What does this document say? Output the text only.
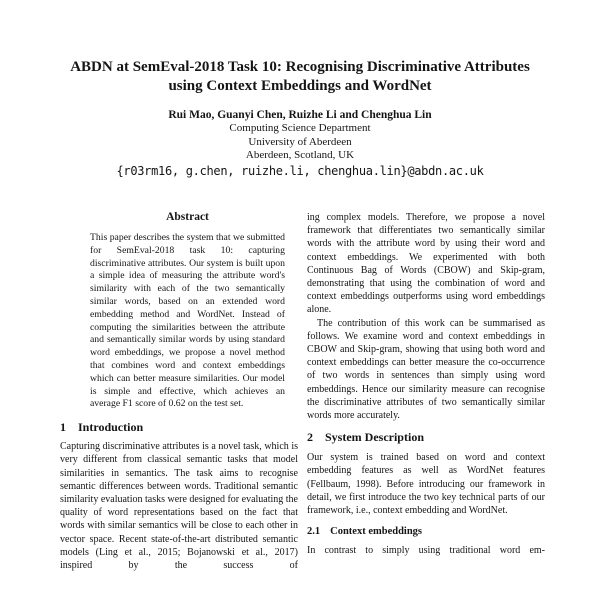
ABDN at SemEval-2018 Task 10: Recognising Discriminative Attributes
using Context Embeddings and WordNet
Rui Mao, Guanyi Chen, Ruizhe Li and Chenghua Lin
Computing Science Department
University of Aberdeen
Aberdeen, Scotland, UK
{r03rm16, g.chen, ruizhe.li, chenghua.lin}@abdn.ac.uk
Abstract

This paper describes the system that we submitted for SemEval-2018 task 10: capturing discriminative attributes. Our system is built upon a simple idea of measuring the attribute word's similarity with each of the two semantically similar words, based on an extended word embedding method and WordNet. Instead of computing the similarities between the attribute and semantically similar words by using standard word embeddings, we propose a novel method that combines word and context embeddings which can better measure similarities. Our model is simple and effective, which achieves an average F1 score of 0.62 on the test set.

1 Introduction

Capturing discriminative attributes is a novel task, which is very different from classical semantic tasks that model similarities in semantics. The task aims to recognise semantic differences between words. Traditional semantic similarity evaluation tasks were designed for evaluating the quality of word representations based on the fact that words with similar semantics will be close to each other in vector space. Recent state-of-the-art distributed semantic models (Ling et al., 2015; Bojanowski et al., 2017) inspired by the success of

ing complex models. Therefore, we propose a novel framework that differentiates two semantically similar words with the attribute word by using their word and context embeddings. We experimented with both Continuous Bag of Words (CBOW) and Skip-gram, demonstrating that using the combination of word and context embeddings outperforms using word embeddings alone.

The contribution of this work can be summarised as follows. We examine word and context embeddings in CBOW and Skip-gram, showing that using both word and context embeddings can better measure the co-occurrence of two words in sentences than simply using word embeddings. Hence our similarity measure can recognise the discriminative attributes of two semantically similar words more accurately.

2 System Description

Our system is trained based on word and context embedding features as well as WordNet features (Fellbaum, 1998). Before introducing our framework in detail, we first introduce the two key technical parts of our framework, i.e., context embedding and WordNet.

2.1 Context embeddings

In contrast to simply using traditional word em-
